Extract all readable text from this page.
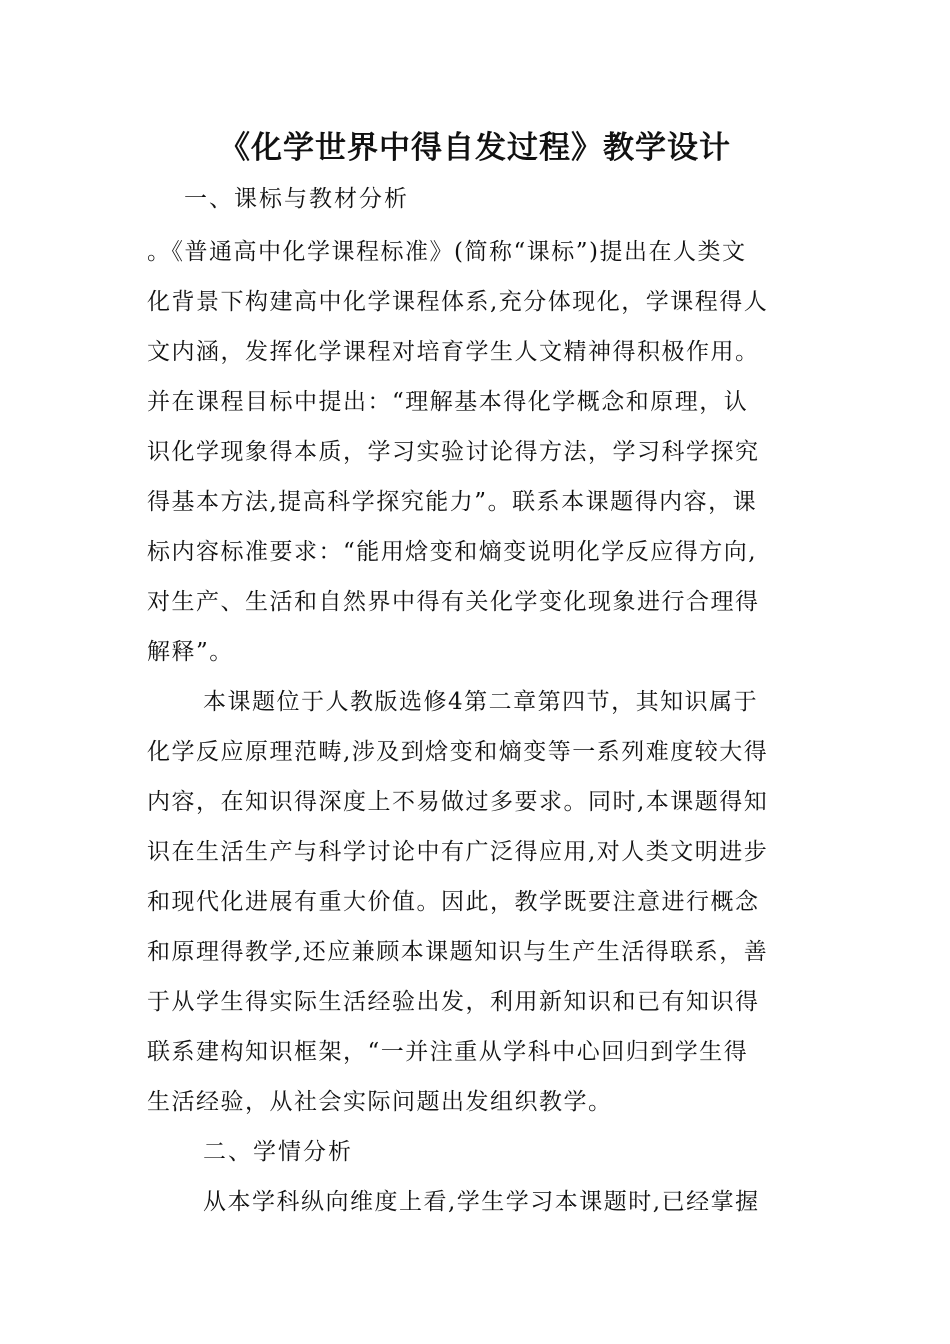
《化学世界中得自发过程》教学设计
一、课标与教材分析
。《普通高中化学课程标准》(简称“课标”)提出在人类文
化背景下构建高中化学课程体系,充分体现化，学课程得人
文内涵，发挥化学课程对培育学生人文精神得积极作用。
并在课程目标中提出：“理解基本得化学概念和原理，认
识化学现象得本质，学习实验讨论得方法，学习科学探究
得基本方法,提高科学探究能力”。联系本课题得内容，课
标内容标准要求：“能用焓变和熵变说明化学反应得方向,
对生产、生活和自然界中得有关化学变化现象进行合理得
解释”。
本课题位于人教版选修4第二章第四节，其知识属于
化学反应原理范畴,涉及到焓变和熵变等一系列难度较大得
内容，在知识得深度上不易做过多要求。同时,本课题得知
识在生活生产与科学讨论中有广泛得应用,对人类文明进步
和现代化进展有重大价值。因此，教学既要注意进行概念
和原理得教学,还应兼顾本课题知识与生产生活得联系，善
于从学生得实际生活经验出发，利用新知识和已有知识得
联系建构知识框架，“一并注重从学科中心回归到学生得
生活经验，从社会实际问题出发组织教学。
二、学情分析
从本学科纵向维度上看,学生学习本课题时,已经掌握
